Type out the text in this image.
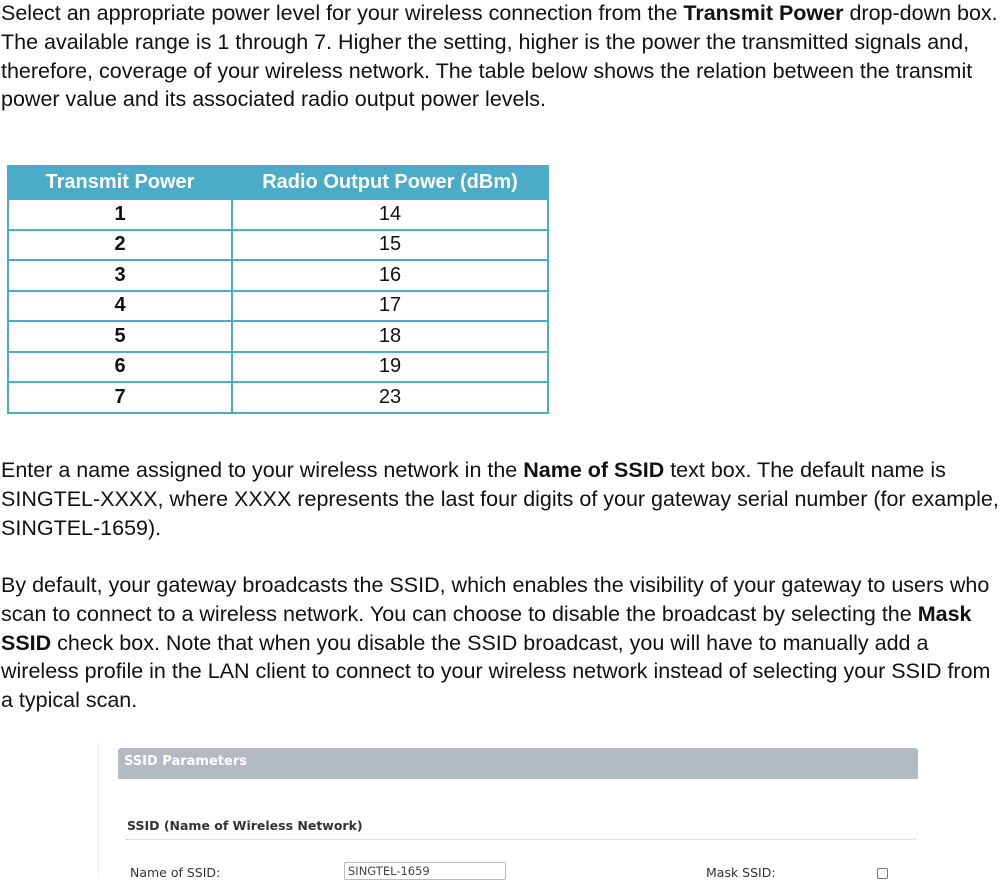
Select an appropriate power level for your wireless connection from the Transmit Power drop-down box. The available range is 1 through 7. Higher the setting, higher is the power the transmitted signals and, therefore, coverage of your wireless network. The table below shows the relation between the transmit power value and its associated radio output power levels.

Transmit Power	Radio Output Power (dBm)
1	14
2	15
3	16
4	17
5	18
6	19
7	23

Enter a name assigned to your wireless network in the Name of SSID text box. The default name is SINGTEL-XXXX, where XXXX represents the last four digits of your gateway serial number (for example, SINGTEL-1659).

By default, your gateway broadcasts the SSID, which enables the visibility of your gateway to users who scan to connect to a wireless network. You can choose to disable the broadcast by selecting the Mask SSID check box. Note that when you disable the SSID broadcast, you will have to manually add a wireless profile in the LAN client to connect to your wireless network instead of selecting your SSID from a typical scan.

SSID Parameters
SSID (Name of Wireless Network)
Name of SSID:	SINGTEL-1659	Mask SSID:
